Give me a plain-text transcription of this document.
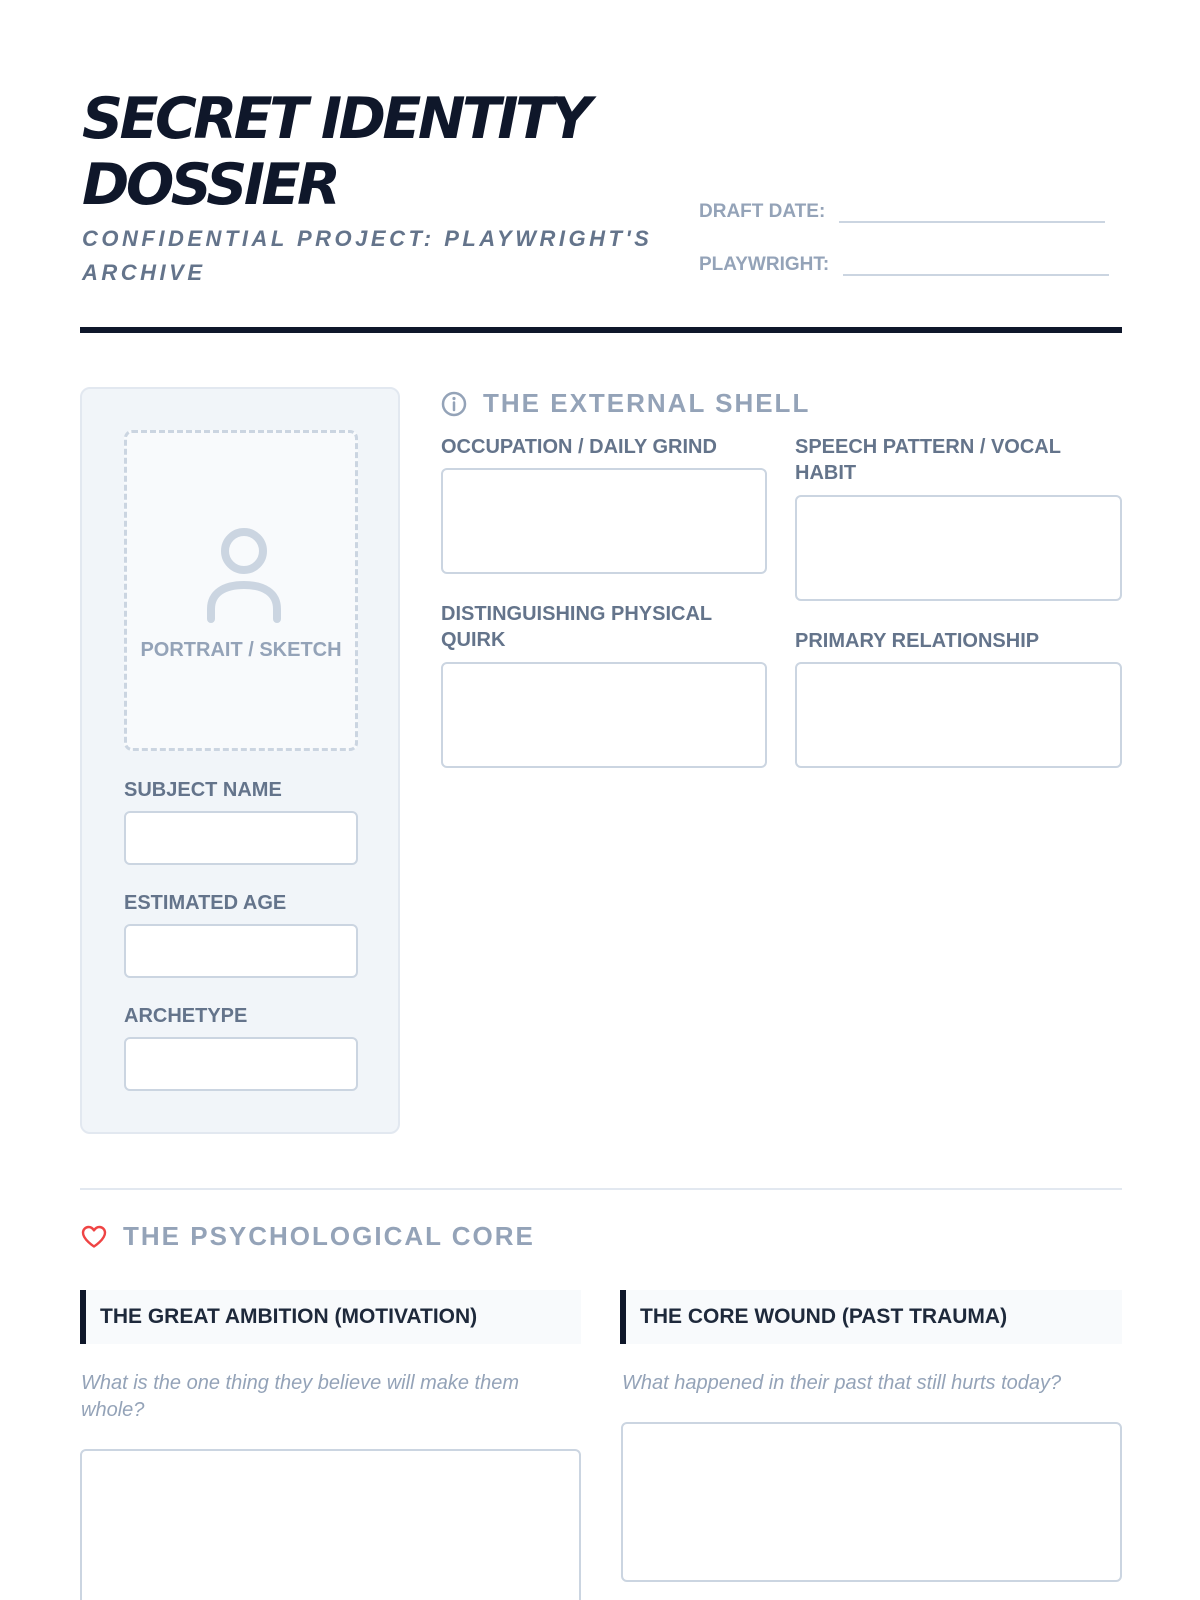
SECRET IDENTITY DOSSIER
CONFIDENTIAL PROJECT: PLAYWRIGHT'S ARCHIVE
DRAFT DATE:
PLAYWRIGHT:
PORTRAIT / SKETCH
SUBJECT NAME
ESTIMATED AGE
ARCHETYPE
THE EXTERNAL SHELL
OCCUPATION / DAILY GRIND	SPEECH PATTERN / VOCAL HABIT
DISTINGUISHING PHYSICAL QUIRK	PRIMARY RELATIONSHIP
THE PSYCHOLOGICAL CORE
THE GREAT AMBITION (MOTIVATION)
What is the one thing they believe will make them whole?
THE CORE WOUND (PAST TRAUMA)
What happened in their past that still hurts today?
